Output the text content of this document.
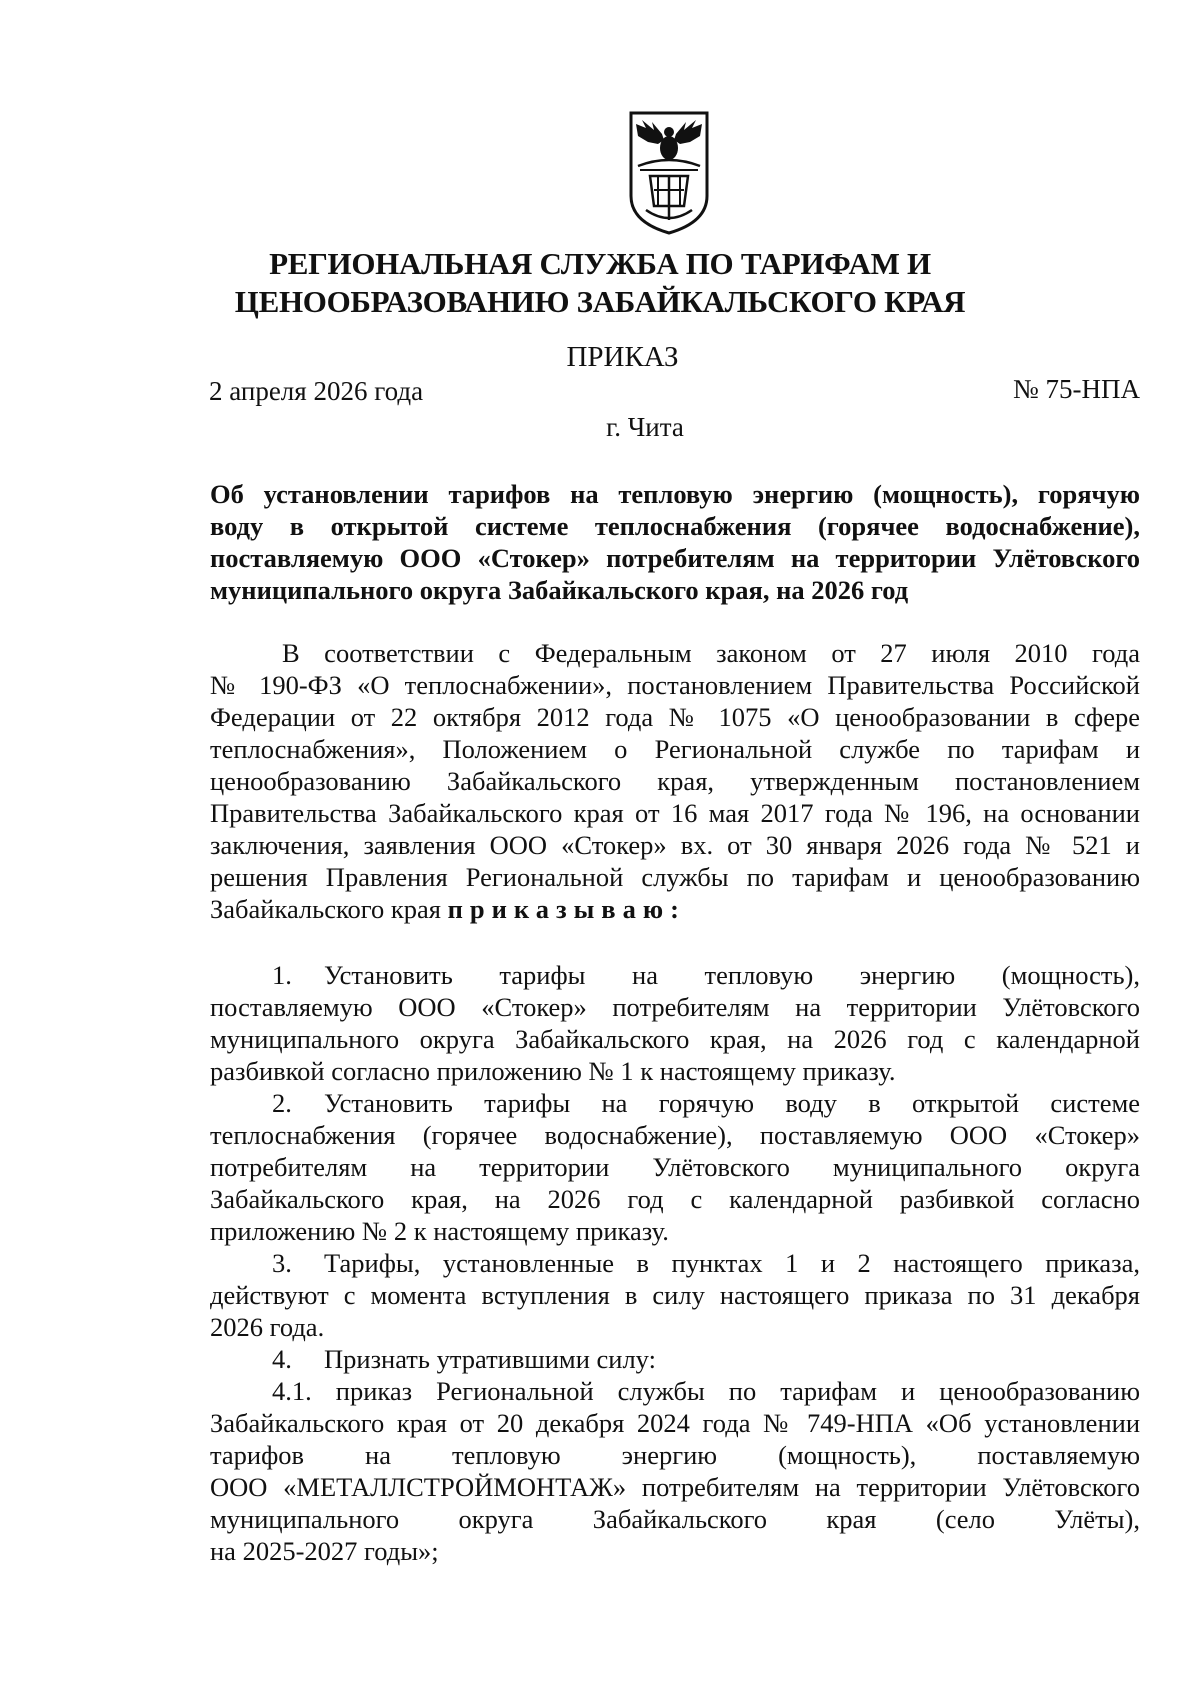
РЕГИОНАЛЬНАЯ СЛУЖБА ПО ТАРИФАМ И
ЦЕНООБРАЗОВАНИЮ ЗАБАЙКАЛЬСКОГО КРАЯ
ПРИКАЗ
2 апреля 2026 года	№ 75-НПА
г. Чита
Об установлении тарифов на тепловую энергию (мощность), горячую
воду в открытой системе теплоснабжения (горячее водоснабжение),
поставляемую ООО «Стокер» потребителям на территории Улётовского
муниципального округа Забайкальского края, на 2026 год
В соответствии с Федеральным законом от 27 июля 2010 года
№ 190-ФЗ «О теплоснабжении», постановлением Правительства Российской
Федерации от 22 октября 2012 года № 1075 «О ценообразовании в сфере
теплоснабжения», Положением о Региональной службе по тарифам и
ценообразованию Забайкальского края, утвержденным постановлением
Правительства Забайкальского края от 16 мая 2017 года № 196, на основании
заключения, заявления ООО «Стокер» вх. от 30 января 2026 года № 521 и
решения Правления Региональной службы по тарифам и ценообразованию
Забайкальского края приказываю:
1. Установить тарифы на тепловую энергию (мощность),
поставляемую ООО «Стокер» потребителям на территории Улётовского
муниципального округа Забайкальского края, на 2026 год с календарной
разбивкой согласно приложению № 1 к настоящему приказу.
2. Установить тарифы на горячую воду в открытой системе
теплоснабжения (горячее водоснабжение), поставляемую ООО «Стокер»
потребителям на территории Улётовского муниципального округа
Забайкальского края, на 2026 год с календарной разбивкой согласно
приложению № 2 к настоящему приказу.
3. Тарифы, установленные в пунктах 1 и 2 настоящего приказа,
действуют с момента вступления в силу настоящего приказа по 31 декабря
2026 года.
4. Признать утратившими силу:
4.1. приказ Региональной службы по тарифам и ценообразованию
Забайкальского края от 20 декабря 2024 года № 749-НПА «Об установлении
тарифов на тепловую энергию (мощность), поставляемую
ООО «МЕТАЛЛСТРОЙМОНТАЖ» потребителям на территории Улётовского
муниципального округа Забайкальского края (село Улёты),
на 2025-2027 годы»;
